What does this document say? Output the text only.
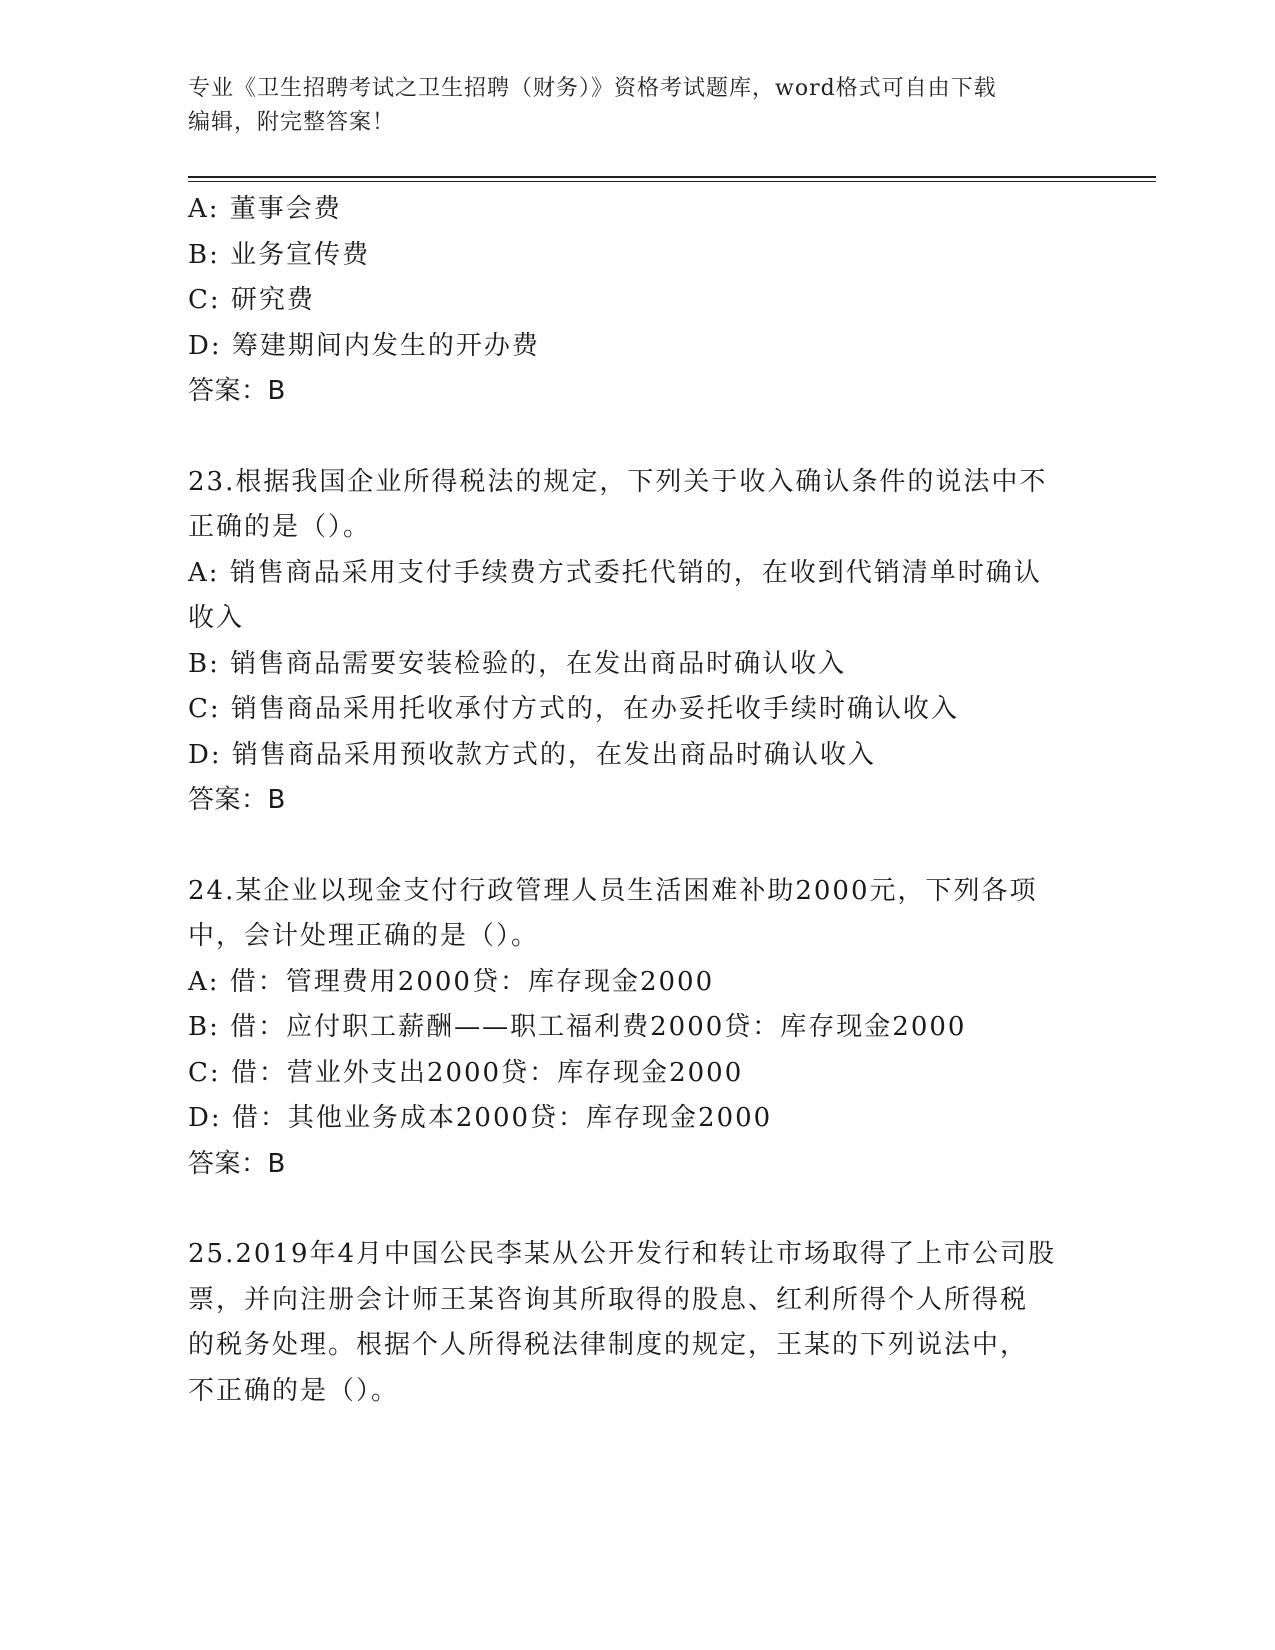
专业《卫生招聘考试之卫生招聘（财务）》资格考试题库，word格式可自由下载
编辑，附完整答案！
A: 董事会费
B: 业务宣传费
C: 研究费
D: 筹建期间内发生的开办费
答案：B
23.根据我国企业所得税法的规定，下列关于收入确认条件的说法中不
正确的是（）。
A: 销售商品采用支付手续费方式委托代销的，在收到代销清单时确认
收入
B: 销售商品需要安装检验的，在发出商品时确认收入
C: 销售商品采用托收承付方式的，在办妥托收手续时确认收入
D: 销售商品采用预收款方式的，在发出商品时确认收入
答案：B
24.某企业以现金支付行政管理人员生活困难补助2000元，下列各项
中，会计处理正确的是（）。
A: 借：管理费用2000贷：库存现金2000
B: 借：应付职工薪酬——职工福利费2000贷：库存现金2000
C: 借：营业外支出2000贷：库存现金2000
D: 借：其他业务成本2000贷：库存现金2000
答案：B
25.2019年4月中国公民李某从公开发行和转让市场取得了上市公司股
票，并向注册会计师王某咨询其所取得的股息、红利所得个人所得税
的税务处理。根据个人所得税法律制度的规定，王某的下列说法中，
不正确的是（）。
